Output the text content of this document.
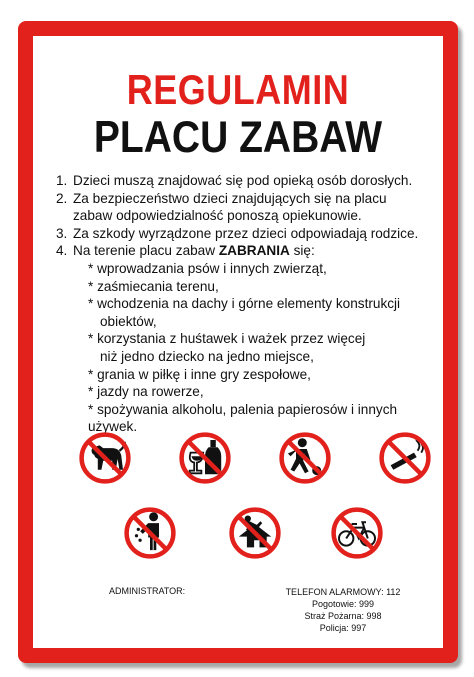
REGULAMIN
PLACU ZABAW
1. Dzieci muszą znajdować się pod opieką osób dorosłych.
2. Za bezpieczeństwo dzieci znajdujących się na placu
zabaw odpowiedzialność ponoszą opiekunowie.
3. Za szkody wyrządzone przez dzieci odpowiadają rodzice.
4. Na terenie placu zabaw ZABRANIA się:
* wprowadzania psów i innych zwierząt,
* zaśmiecania terenu,
* wchodzenia na dachy i górne elementy konstrukcji
obiektów,
* korzystania z huśtawek i ważek przez więcej
niż jedno dziecko na jedno miejsce,
* grania w piłkę i inne gry zespołowe,
* jazdy na rowerze,
* spożywania alkoholu, palenia papierosów i innych używek.
ADMINISTRATOR:	TELEFON ALARMOWY: 112
Pogotowie: 999
Straż Pożarna: 998
Policja: 997
